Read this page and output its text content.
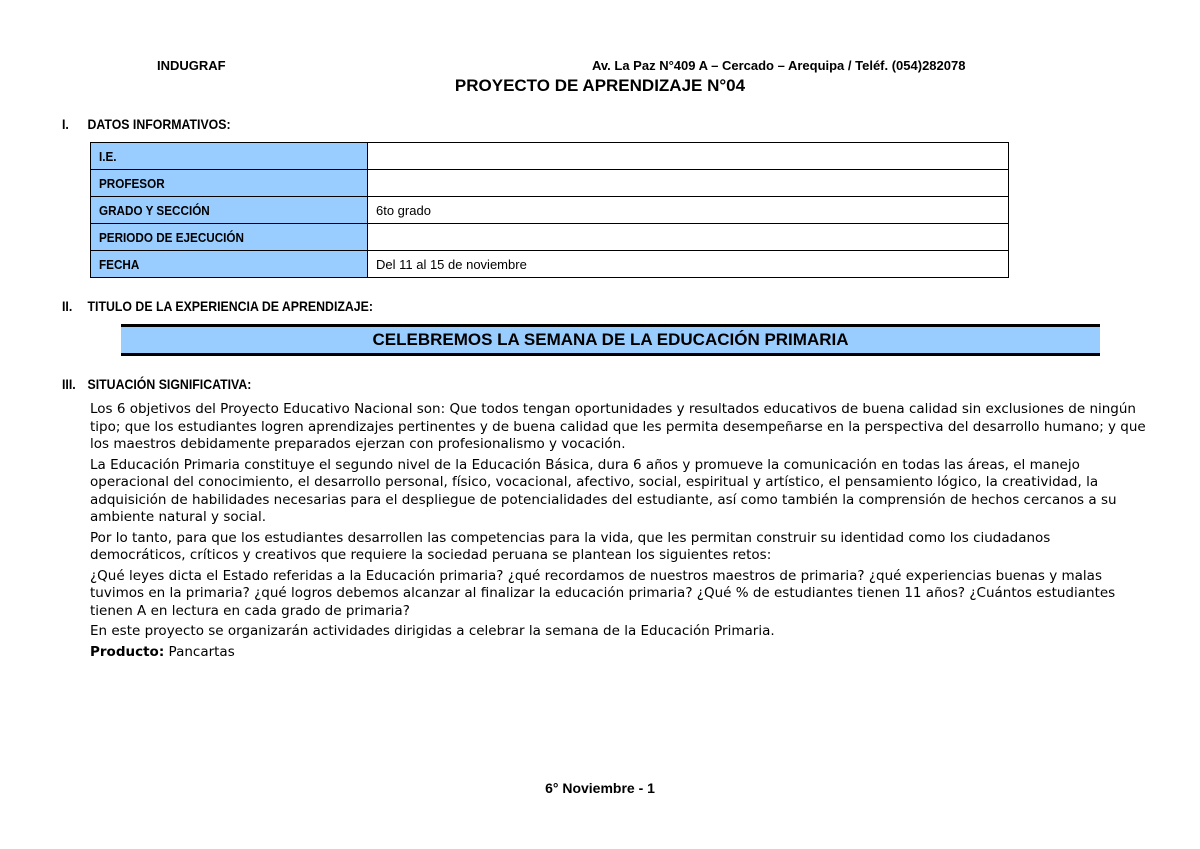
INDUGRAF	Av. La Paz N°409 A – Cercado – Arequipa / Teléf. (054)282078
PROYECTO DE APRENDIZAJE N°04
I. DATOS INFORMATIVOS:
I.E.	
PROFESOR	
GRADO Y SECCIÓN	6to grado
PERIODO DE EJECUCIÓN	
FECHA	Del 11 al 15 de noviembre
II. TITULO DE LA EXPERIENCIA DE APRENDIZAJE:
CELEBREMOS LA SEMANA DE LA EDUCACIÓN PRIMARIA
III. SITUACIÓN SIGNIFICATIVA:

Los 6 objetivos del Proyecto Educativo Nacional son: Que todos tengan oportunidades y resultados educativos de buena calidad sin exclusiones de ningún tipo; que los estudiantes logren aprendizajes pertinentes y de buena calidad que les permita desempeñarse en la perspectiva del desarrollo humano; y que los maestros debidamente preparados ejerzan con profesionalismo y vocación.

La Educación Primaria constituye el segundo nivel de la Educación Básica, dura 6 años y promueve la comunicación en todas las áreas, el manejo operacional del conocimiento, el desarrollo personal, físico, vocacional, afectivo, social, espiritual y artístico, el pensamiento lógico, la creatividad, la adquisición de habilidades necesarias para el despliegue de potencialidades del estudiante, así como también la comprensión de hechos cercanos a su ambiente natural y social.

Por lo tanto, para que los estudiantes desarrollen las competencias para la vida, que les permitan construir su identidad como los ciudadanos democráticos, críticos y creativos que requiere la sociedad peruana se plantean los siguientes retos:

¿Qué leyes dicta el Estado referidas a la Educación primaria? ¿qué recordamos de nuestros maestros de primaria? ¿qué experiencias buenas y malas tuvimos en la primaria? ¿qué logros debemos alcanzar al finalizar la educación primaria? ¿Qué % de estudiantes tienen 11 años? ¿Cuántos estudiantes tienen A en lectura en cada grado de primaria?

En este proyecto se organizarán actividades dirigidas a celebrar la semana de la Educación Primaria.

Producto: Pancartas

6° Noviembre - 1
